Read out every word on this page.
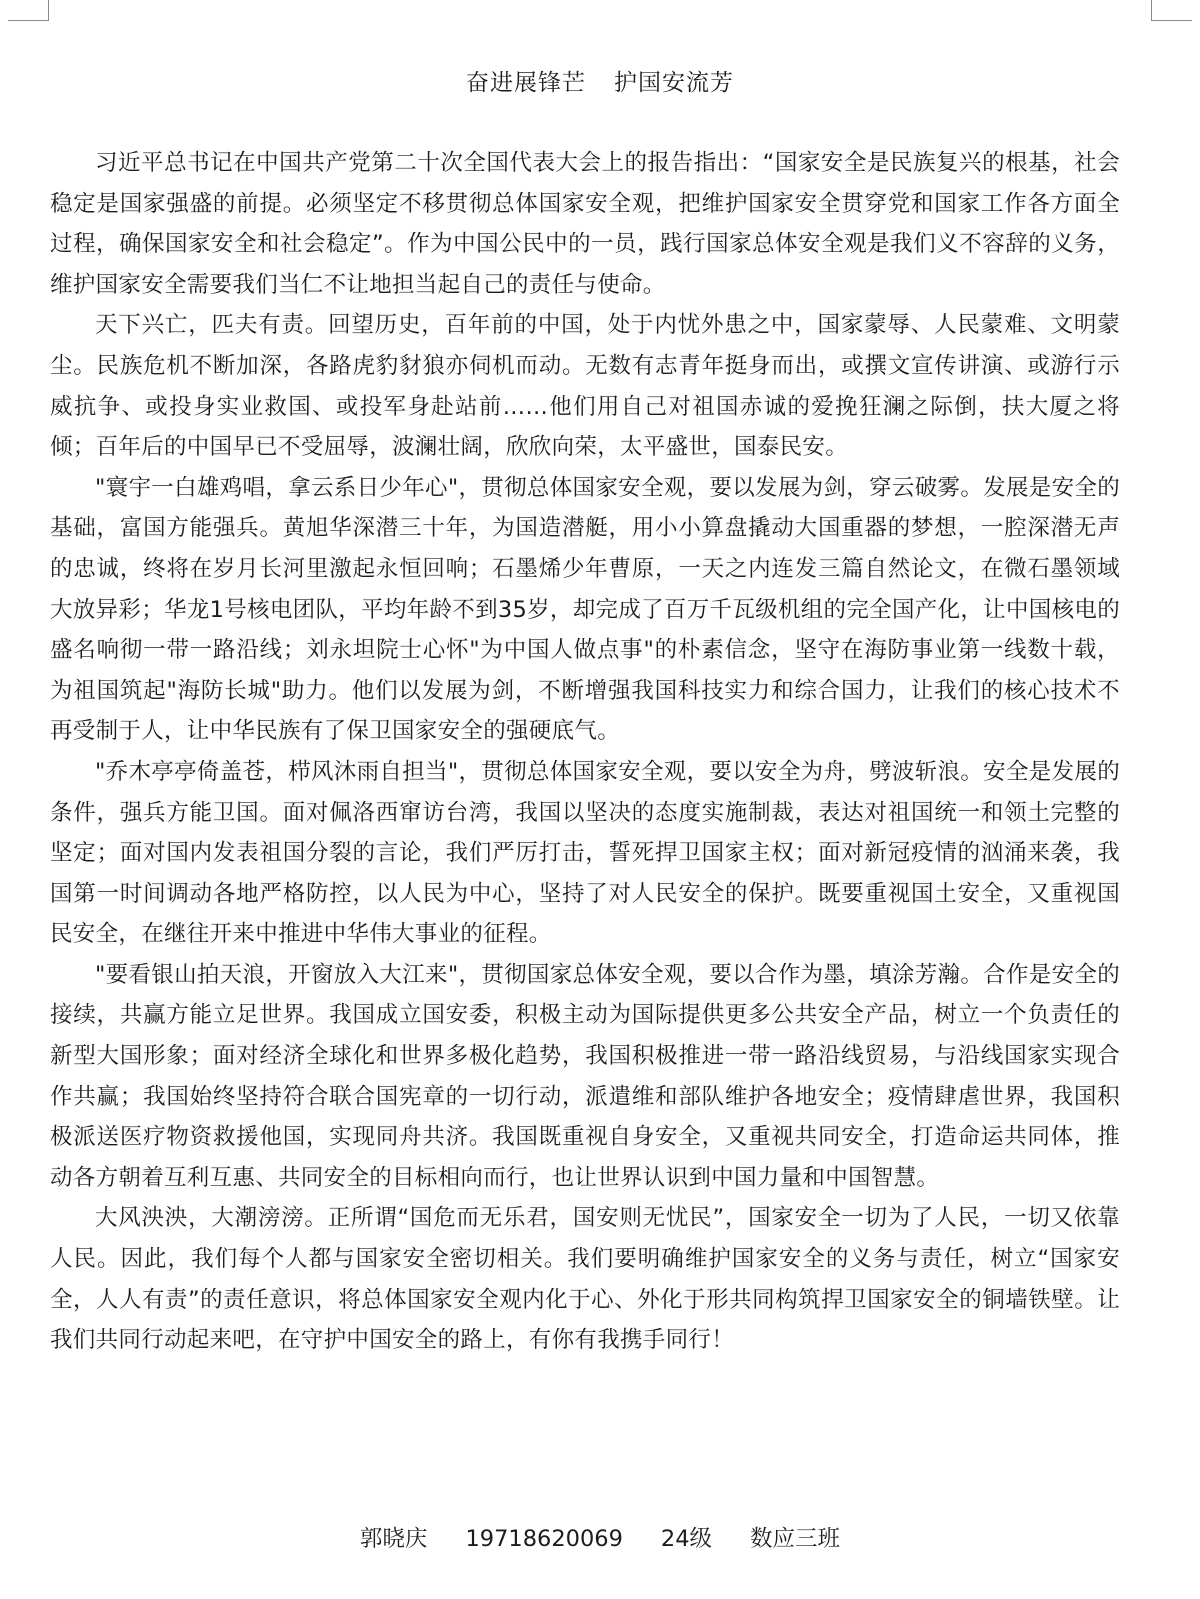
奋进展锋芒 护国安流芳

习近平总书记在中国共产党第二十次全国代表大会上的报告指出：“国家安全是民族复兴的根基，社会稳定是国家强盛的前提。必须坚定不移贯彻总体国家安全观，把维护国家安全贯穿党和国家工作各方面全过程，确保国家安全和社会稳定”。作为中国公民中的一员，践行国家总体安全观是我们义不容辞的义务，维护国家安全需要我们当仁不让地担当起自己的责任与使命。

天下兴亡，匹夫有责。回望历史，百年前的中国，处于内忧外患之中，国家蒙辱、人民蒙难、文明蒙尘。民族危机不断加深，各路虎豹豺狼亦伺机而动。无数有志青年挺身而出，或撰文宣传讲演、或游行示威抗争、或投身实业救国、或投军身赴站前……他们用自己对祖国赤诚的爱挽狂澜之际倒，扶大厦之将倾；百年后的中国早已不受屈辱，波澜壮阔，欣欣向荣，太平盛世，国泰民安。

"寰宇一白雄鸡唱，拿云系日少年心"，贯彻总体国家安全观，要以发展为剑，穿云破雾。发展是安全的基础，富国方能强兵。黄旭华深潜三十年，为国造潜艇，用小小算盘撬动大国重器的梦想，一腔深潜无声的忠诚，终将在岁月长河里激起永恒回响；石墨烯少年曹原，一天之内连发三篇自然论文，在微石墨领域大放异彩；华龙1号核电团队，平均年龄不到35岁，却完成了百万千瓦级机组的完全国产化，让中国核电的盛名响彻一带一路沿线；刘永坦院士心怀"为中国人做点事"的朴素信念，坚守在海防事业第一线数十载，为祖国筑起"海防长城"助力。他们以发展为剑，不断增强我国科技实力和综合国力，让我们的核心技术不再受制于人，让中华民族有了保卫国家安全的强硬底气。

"乔木亭亭倚盖苍，栉风沐雨自担当"，贯彻总体国家安全观，要以安全为舟，劈波斩浪。安全是发展的条件，强兵方能卫国。面对佩洛西窜访台湾，我国以坚决的态度实施制裁，表达对祖国统一和领土完整的坚定；面对国内发表祖国分裂的言论，我们严厉打击，誓死捍卫国家主权；面对新冠疫情的汹涌来袭，我国第一时间调动各地严格防控，以人民为中心，坚持了对人民安全的保护。既要重视国土安全，又重视国民安全，在继往开来中推进中华伟大事业的征程。

"要看银山拍天浪，开窗放入大江来"，贯彻国家总体安全观，要以合作为墨，填涂芳瀚。合作是安全的接续，共赢方能立足世界。我国成立国安委，积极主动为国际提供更多公共安全产品，树立一个负责任的新型大国形象；面对经济全球化和世界多极化趋势，我国积极推进一带一路沿线贸易，与沿线国家实现合作共赢；我国始终坚持符合联合国宪章的一切行动，派遣维和部队维护各地安全；疫情肆虐世界，我国积极派送医疗物资救援他国，实现同舟共济。我国既重视自身安全，又重视共同安全，打造命运共同体，推动各方朝着互利互惠、共同安全的目标相向而行，也让世界认识到中国力量和中国智慧。

大风泱泱，大潮滂滂。正所谓“国危而无乐君，国安则无忧民”，国家安全一切为了人民，一切又依靠人民。因此，我们每个人都与国家安全密切相关。我们要明确维护国家安全的义务与责任，树立“国家安全，人人有责”的责任意识，将总体国家安全观内化于心、外化于形共同构筑捍卫国家安全的铜墙铁壁。让我们共同行动起来吧，在守护中国安全的路上，有你有我携手同行！

郭晓庆 19718620069 24级 数应三班
